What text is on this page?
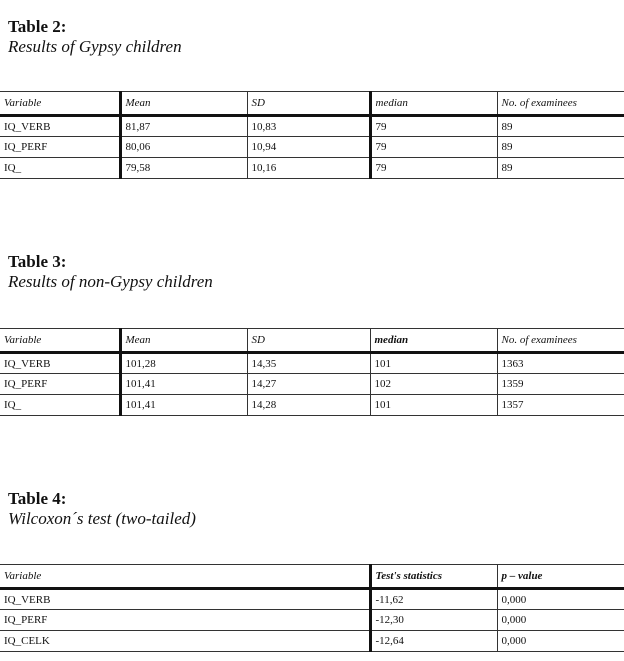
Table 2:
Results of Gypsy children
Variable	Mean	SD	median	No. of examinees
IQ_VERB	81,87	10,83	79	89
IQ_PERF	80,06	10,94	79	89
IQ_	79,58	10,16	79	89
Table 3:
Results of non-Gypsy children
Variable	Mean	SD	median	No. of examinees
IQ_VERB	101,28	14,35	101	1363
IQ_PERF	101,41	14,27	102	1359
IQ_	101,41	14,28	101	1357
Table 4:
Wilcoxon´s test (two-tailed)
Variable	Test's statistics	p – value
IQ_VERB	-11,62	0,000
IQ_PERF	-12,30	0,000
IQ_CELK	-12,64	0,000
